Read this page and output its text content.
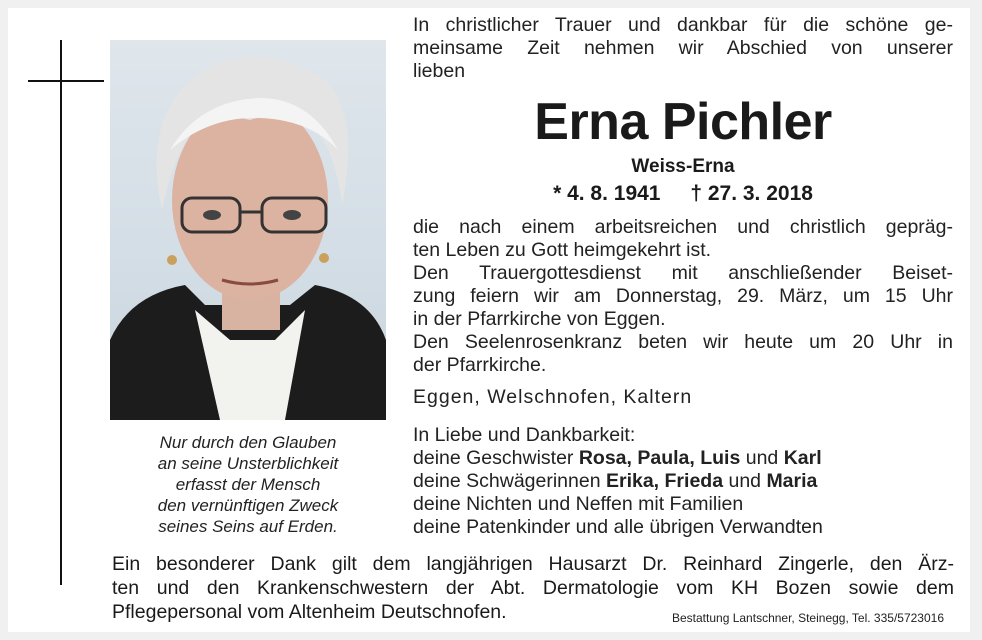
Nur durch den Glauben
an seine Unsterblichkeit
erfasst der Mensch
den vernünftigen Zweck
seines Seins auf Erden.
In christlicher Trauer und dankbar für die schöne ge-
meinsame Zeit nehmen wir Abschied von unserer
lieben
Erna Pichler
Weiss-Erna
* 4. 8. 1941 † 27. 3. 2018
die nach einem arbeitsreichen und christlich gepräg-
ten Leben zu Gott heimgekehrt ist.
Den Trauergottesdienst mit anschließender Beiset-
zung feiern wir am Donnerstag, 29. März, um 15 Uhr
in der Pfarrkirche von Eggen.
Den Seelenrosenkranz beten wir heute um 20 Uhr in
der Pfarrkirche.
Eggen, Welschnofen, Kaltern
In Liebe und Dankbarkeit:
deine Geschwister Rosa, Paula, Luis und Karl
deine Schwägerinnen Erika, Frieda und Maria
deine Nichten und Neffen mit Familien
deine Patenkinder und alle übrigen Verwandten
Ein besonderer Dank gilt dem langjährigen Hausarzt Dr. Reinhard Zingerle, den Ärz-
ten und den Krankenschwestern der Abt. Dermatologie vom KH Bozen sowie dem
Pflegepersonal vom Altenheim Deutschnofen.	Bestattung Lantschner, Steinegg, Tel. 335/5723016
